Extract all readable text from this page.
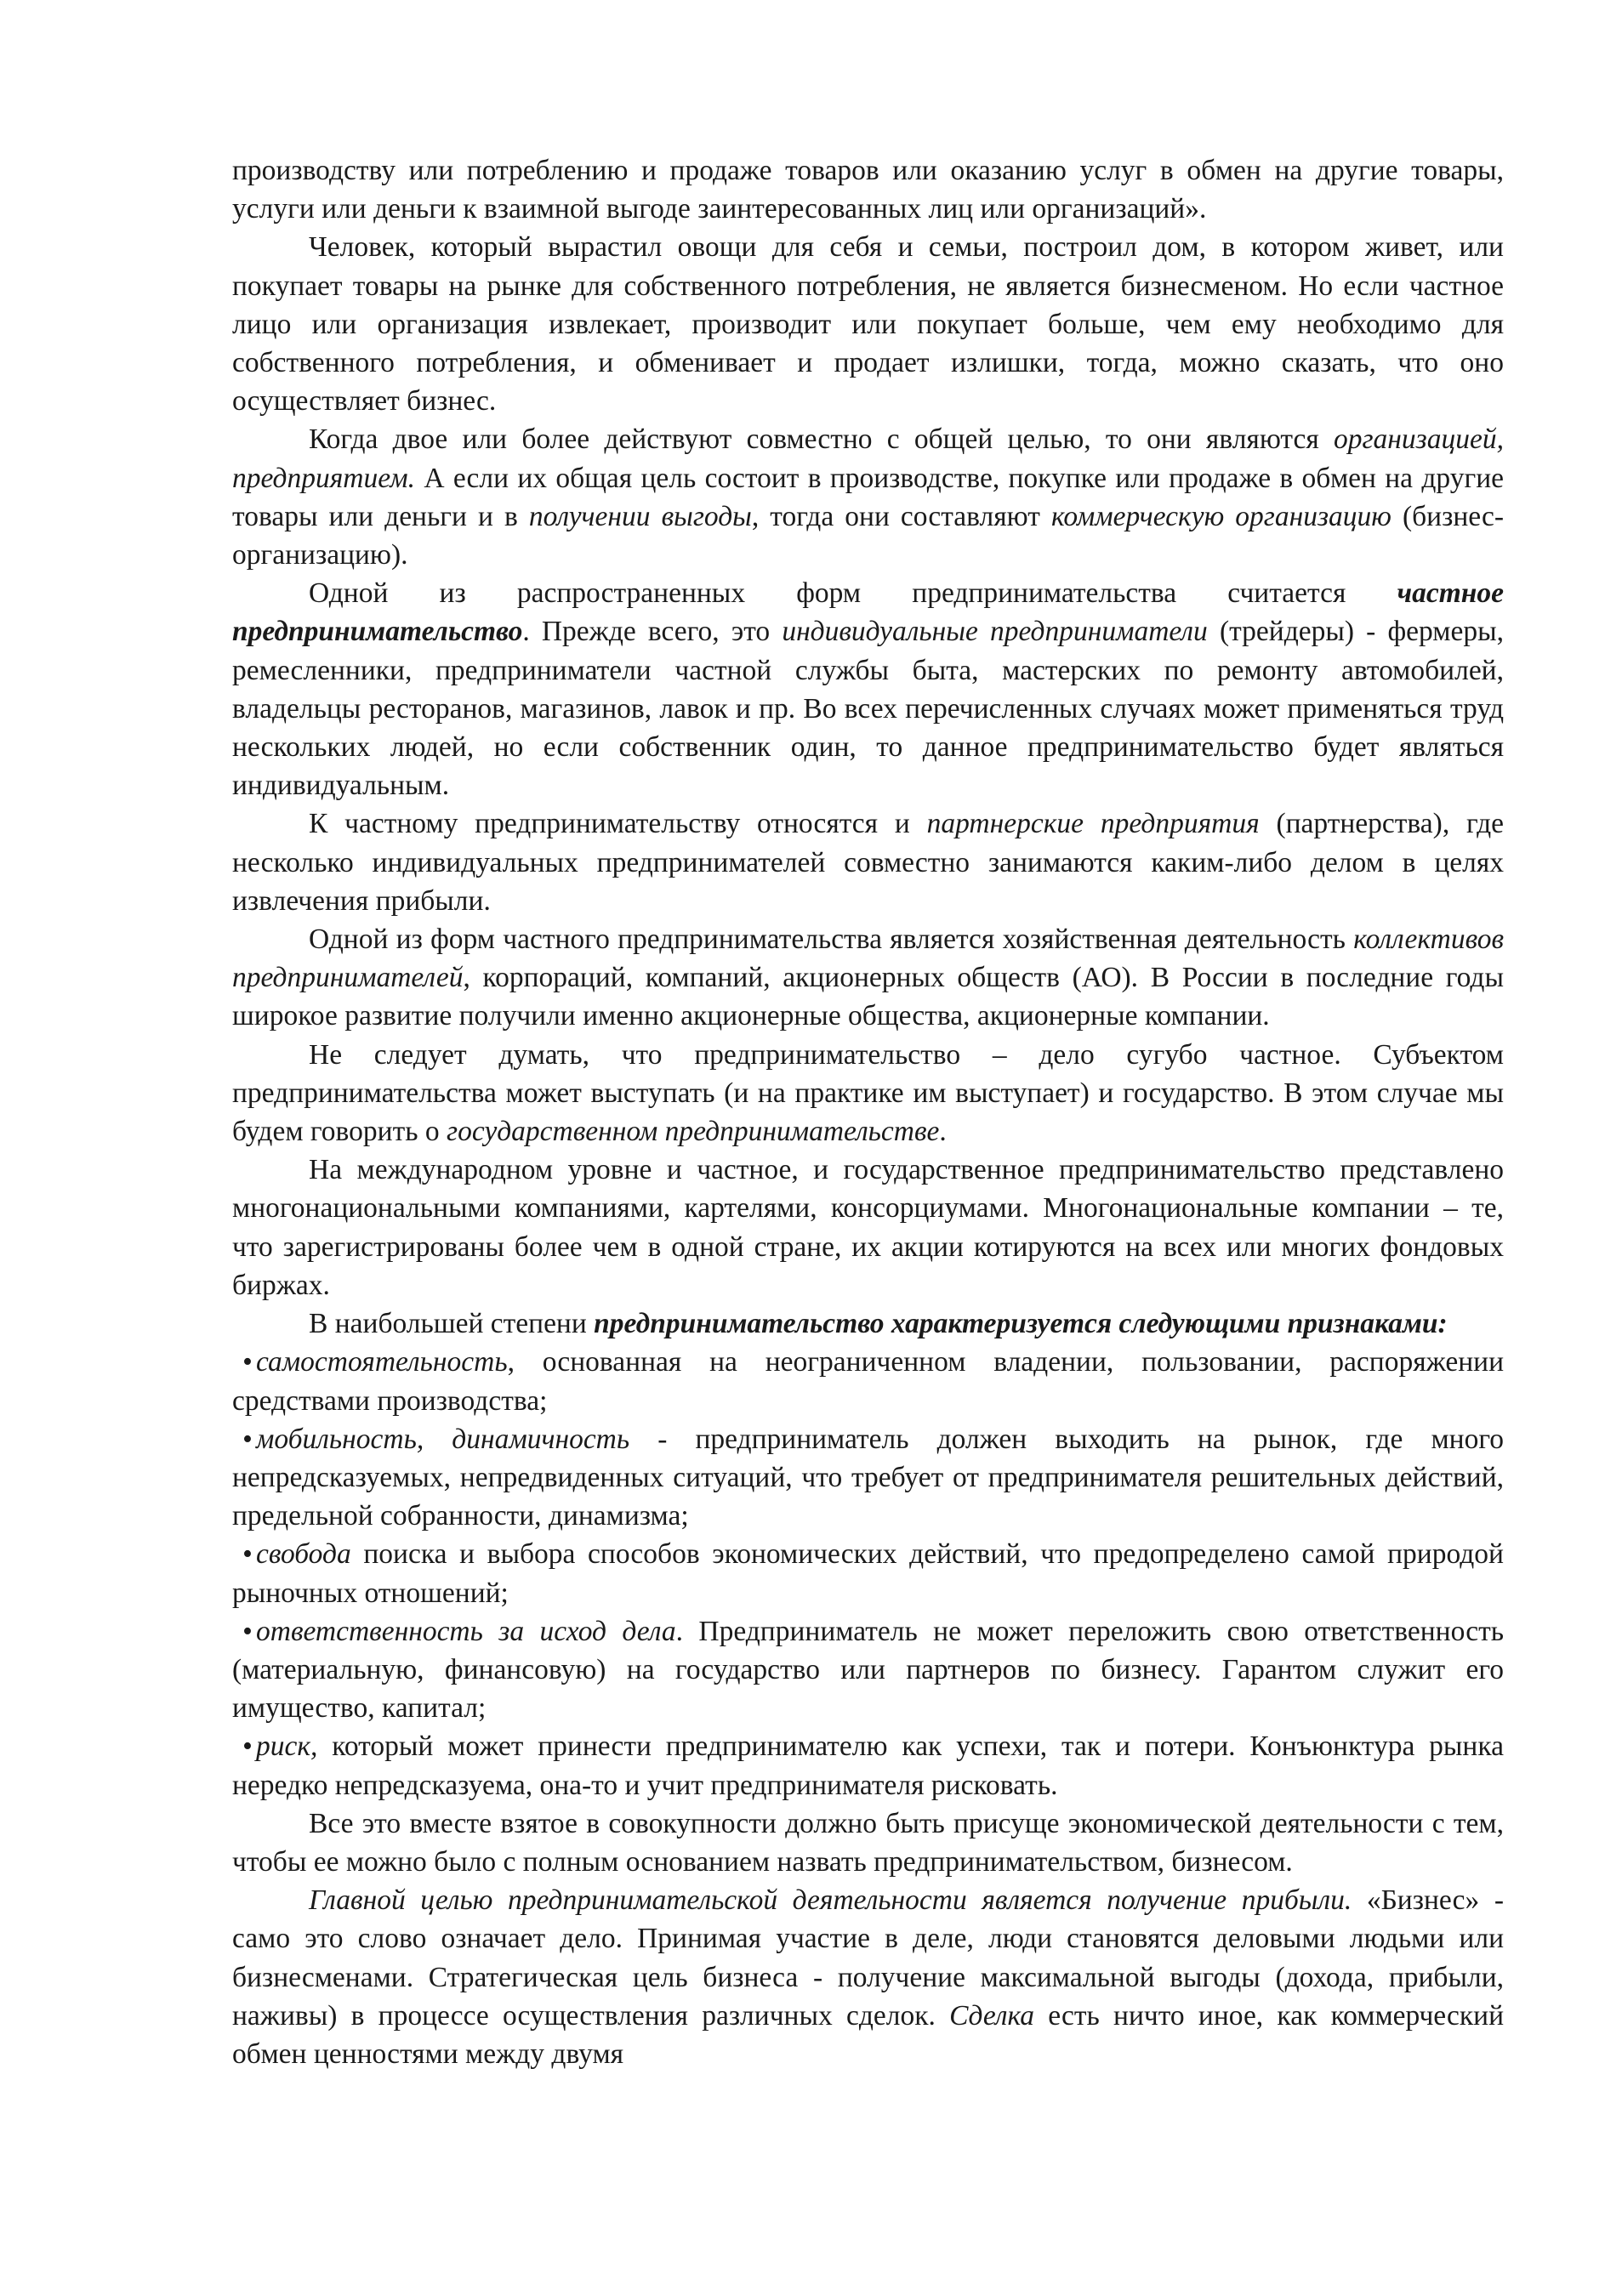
производству или потреблению и продаже товаров или оказанию услуг в обмен на другие товары, услуги или деньги к взаимной выгоде заинтересованных лиц или организаций».

Человек, который вырастил овощи для себя и семьи, построил дом, в котором живет, или покупает товары на рынке для собственного потребления, не является бизнесменом. Но если частное лицо или организация извлекает, производит или покупает больше, чем ему необходимо для собственного потребления, и обменивает и продает излишки, тогда, можно сказать, что оно осуществляет бизнес.

Когда двое или более действуют совместно с общей целью, то они являются организацией, предприятием. А если их общая цель состоит в производстве, покупке или продаже в обмен на другие товары или деньги и в получении выгоды, тогда они составляют коммерческую организацию (бизнес-организацию).

Одной из распространенных форм предпринимательства считается частное предпринимательство. Прежде всего, это индивидуальные предприниматели (трейдеры) - фермеры, ремесленники, предприниматели частной службы быта, мастерских по ремонту автомобилей, владельцы ресторанов, магазинов, лавок и пр. Во всех перечисленных случаях может применяться труд нескольких людей, но если собственник один, то данное предпринимательство будет являться индивидуальным.

К частному предпринимательству относятся и партнерские предприятия (партнерства), где несколько индивидуальных предпринимателей совместно занимаются каким-либо делом в целях извлечения прибыли.

Одной из форм частного предпринимательства является хозяйственная деятельность коллективов предпринимателей, корпораций, компаний, акционерных обществ (АО). В России в последние годы широкое развитие получили именно акционерные общества, акционерные компании.

Не следует думать, что предпринимательство – дело сугубо частное. Субъектом предпринимательства может выступать (и на практике им выступает) и государство. В этом случае мы будем говорить о государственном предпринимательстве.

На международном уровне и частное, и государственное предпринимательство представлено многонациональными компаниями, картелями, консорциумами. Многонациональные компании – те, что зарегистрированы более чем в одной стране, их акции котируются на всех или многих фондовых биржах.

В наибольшей степени предпринимательство характеризуется следующими признаками:

• самостоятельность, основанная на неограниченном владении, пользовании, распоряжении средствами производства;

• мобильность, динамичность - предприниматель должен выходить на рынок, где много непредсказуемых, непредвиденных ситуаций, что требует от предпринимателя решительных действий, предельной собранности, динамизма;

• свобода поиска и выбора способов экономических действий, что предопределено самой природой рыночных отношений;

• ответственность за исход дела. Предприниматель не может переложить свою ответственность (материальную, финансовую) на государство или партнеров по бизнесу. Гарантом служит его имущество, капитал;

• риск, который может принести предпринимателю как успехи, так и потери. Конъюнктура рынка нередко непредсказуема, она-то и учит предпринимателя рисковать.

Все это вместе взятое в совокупности должно быть присуще экономической деятельности с тем, чтобы ее можно было с полным основанием назвать предпринимательством, бизнесом.

Главной целью предпринимательской деятельности является получение прибыли. «Бизнес» - само это слово означает дело. Принимая участие в деле, люди становятся деловыми людьми или бизнесменами. Стратегическая цель бизнеса - получение максимальной выгоды (дохода, прибыли, наживы) в процессе осуществления различных сделок. Сделка есть ничто иное, как коммерческий обмен ценностями между двумя
